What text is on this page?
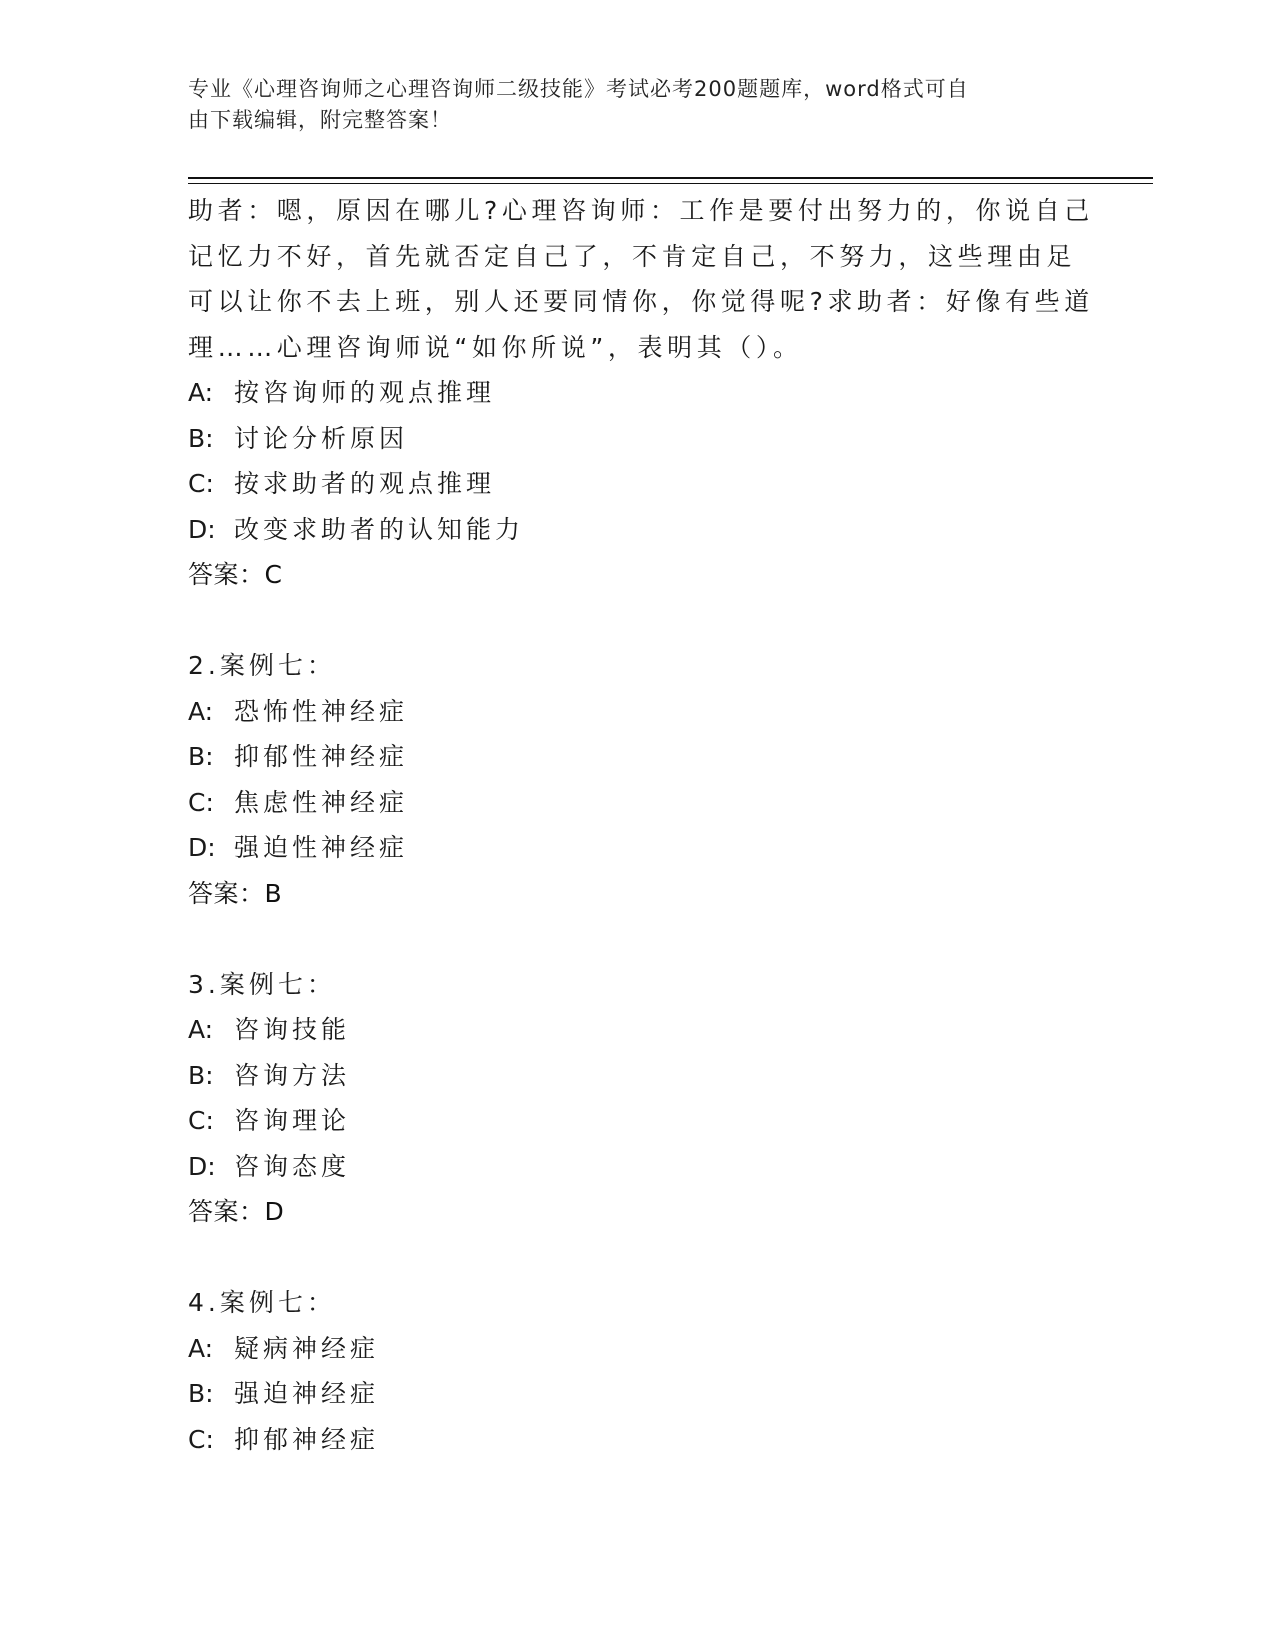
专业《心理咨询师之心理咨询师二级技能》考试必考200题题库，word格式可自
由下载编辑，附完整答案！
助者：嗯，原因在哪儿?心理咨询师：工作是要付出努力的，你说自己
记忆力不好，首先就否定自己了，不肯定自己，不努力，这些理由足
可以让你不去上班，别人还要同情你，你觉得呢?求助者：好像有些道
理……心理咨询师说“如你所说”，表明其（）。
A: 按咨询师的观点推理
B: 讨论分析原因
C: 按求助者的观点推理
D: 改变求助者的认知能力
答案：C
2.案例七：
A: 恐怖性神经症
B: 抑郁性神经症
C: 焦虑性神经症
D: 强迫性神经症
答案：B
3.案例七：
A: 咨询技能
B: 咨询方法
C: 咨询理论
D: 咨询态度
答案：D
4.案例七：
A: 疑病神经症
B: 强迫神经症
C: 抑郁神经症
